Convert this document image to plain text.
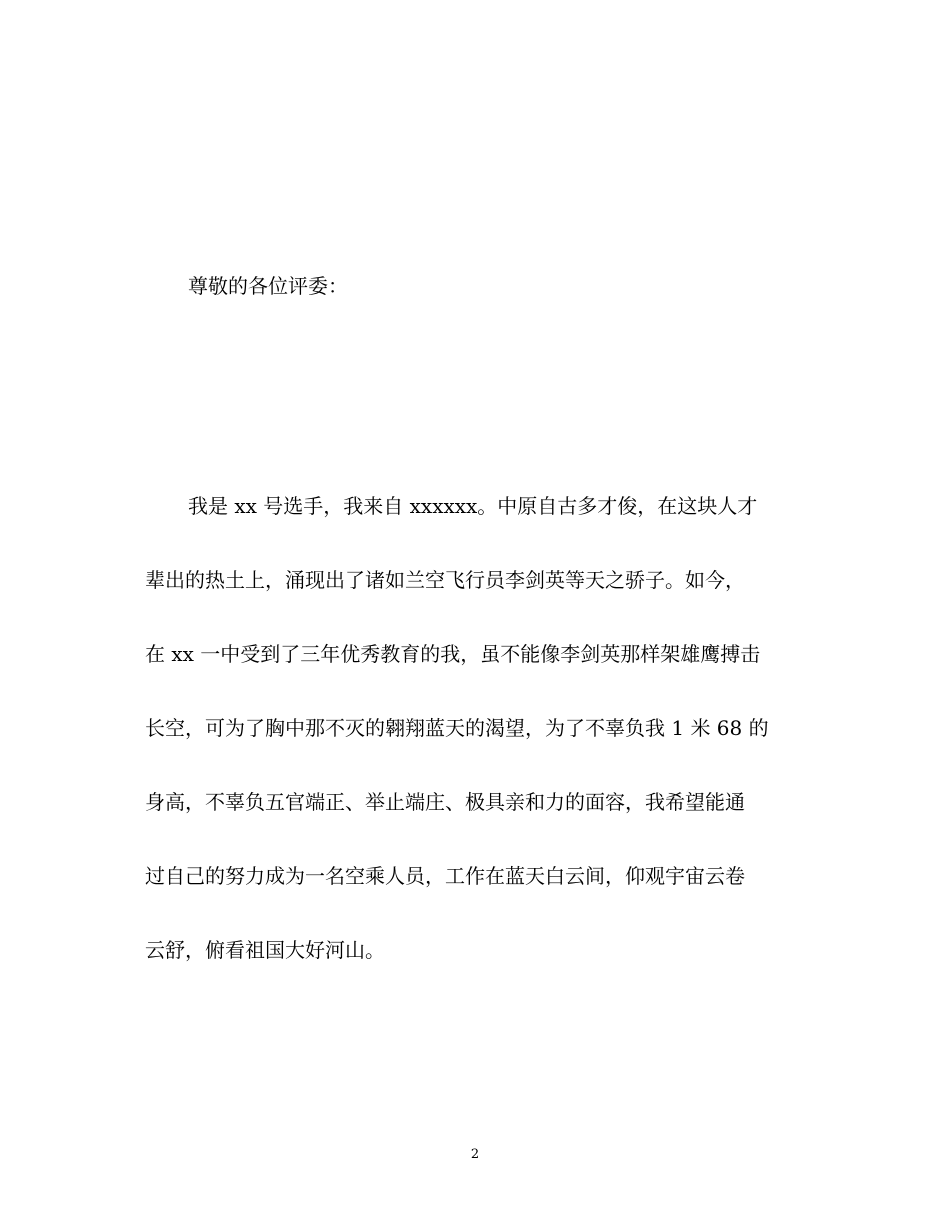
尊敬的各位评委：
我是 xx 号选手，我来自 xxxxxx。中原自古多才俊，在这块人才
辈出的热土上，涌现出了诸如兰空飞行员李剑英等天之骄子。如今，
在 xx 一中受到了三年优秀教育的我，虽不能像李剑英那样架雄鹰搏击
长空，可为了胸中那不灭的翱翔蓝天的渴望，为了不辜负我 1 米 68 的
身高，不辜负五官端正、举止端庄、极具亲和力的面容，我希望能通
过自己的努力成为一名空乘人员，工作在蓝天白云间，仰观宇宙云卷
云舒，俯看祖国大好河山。
2
